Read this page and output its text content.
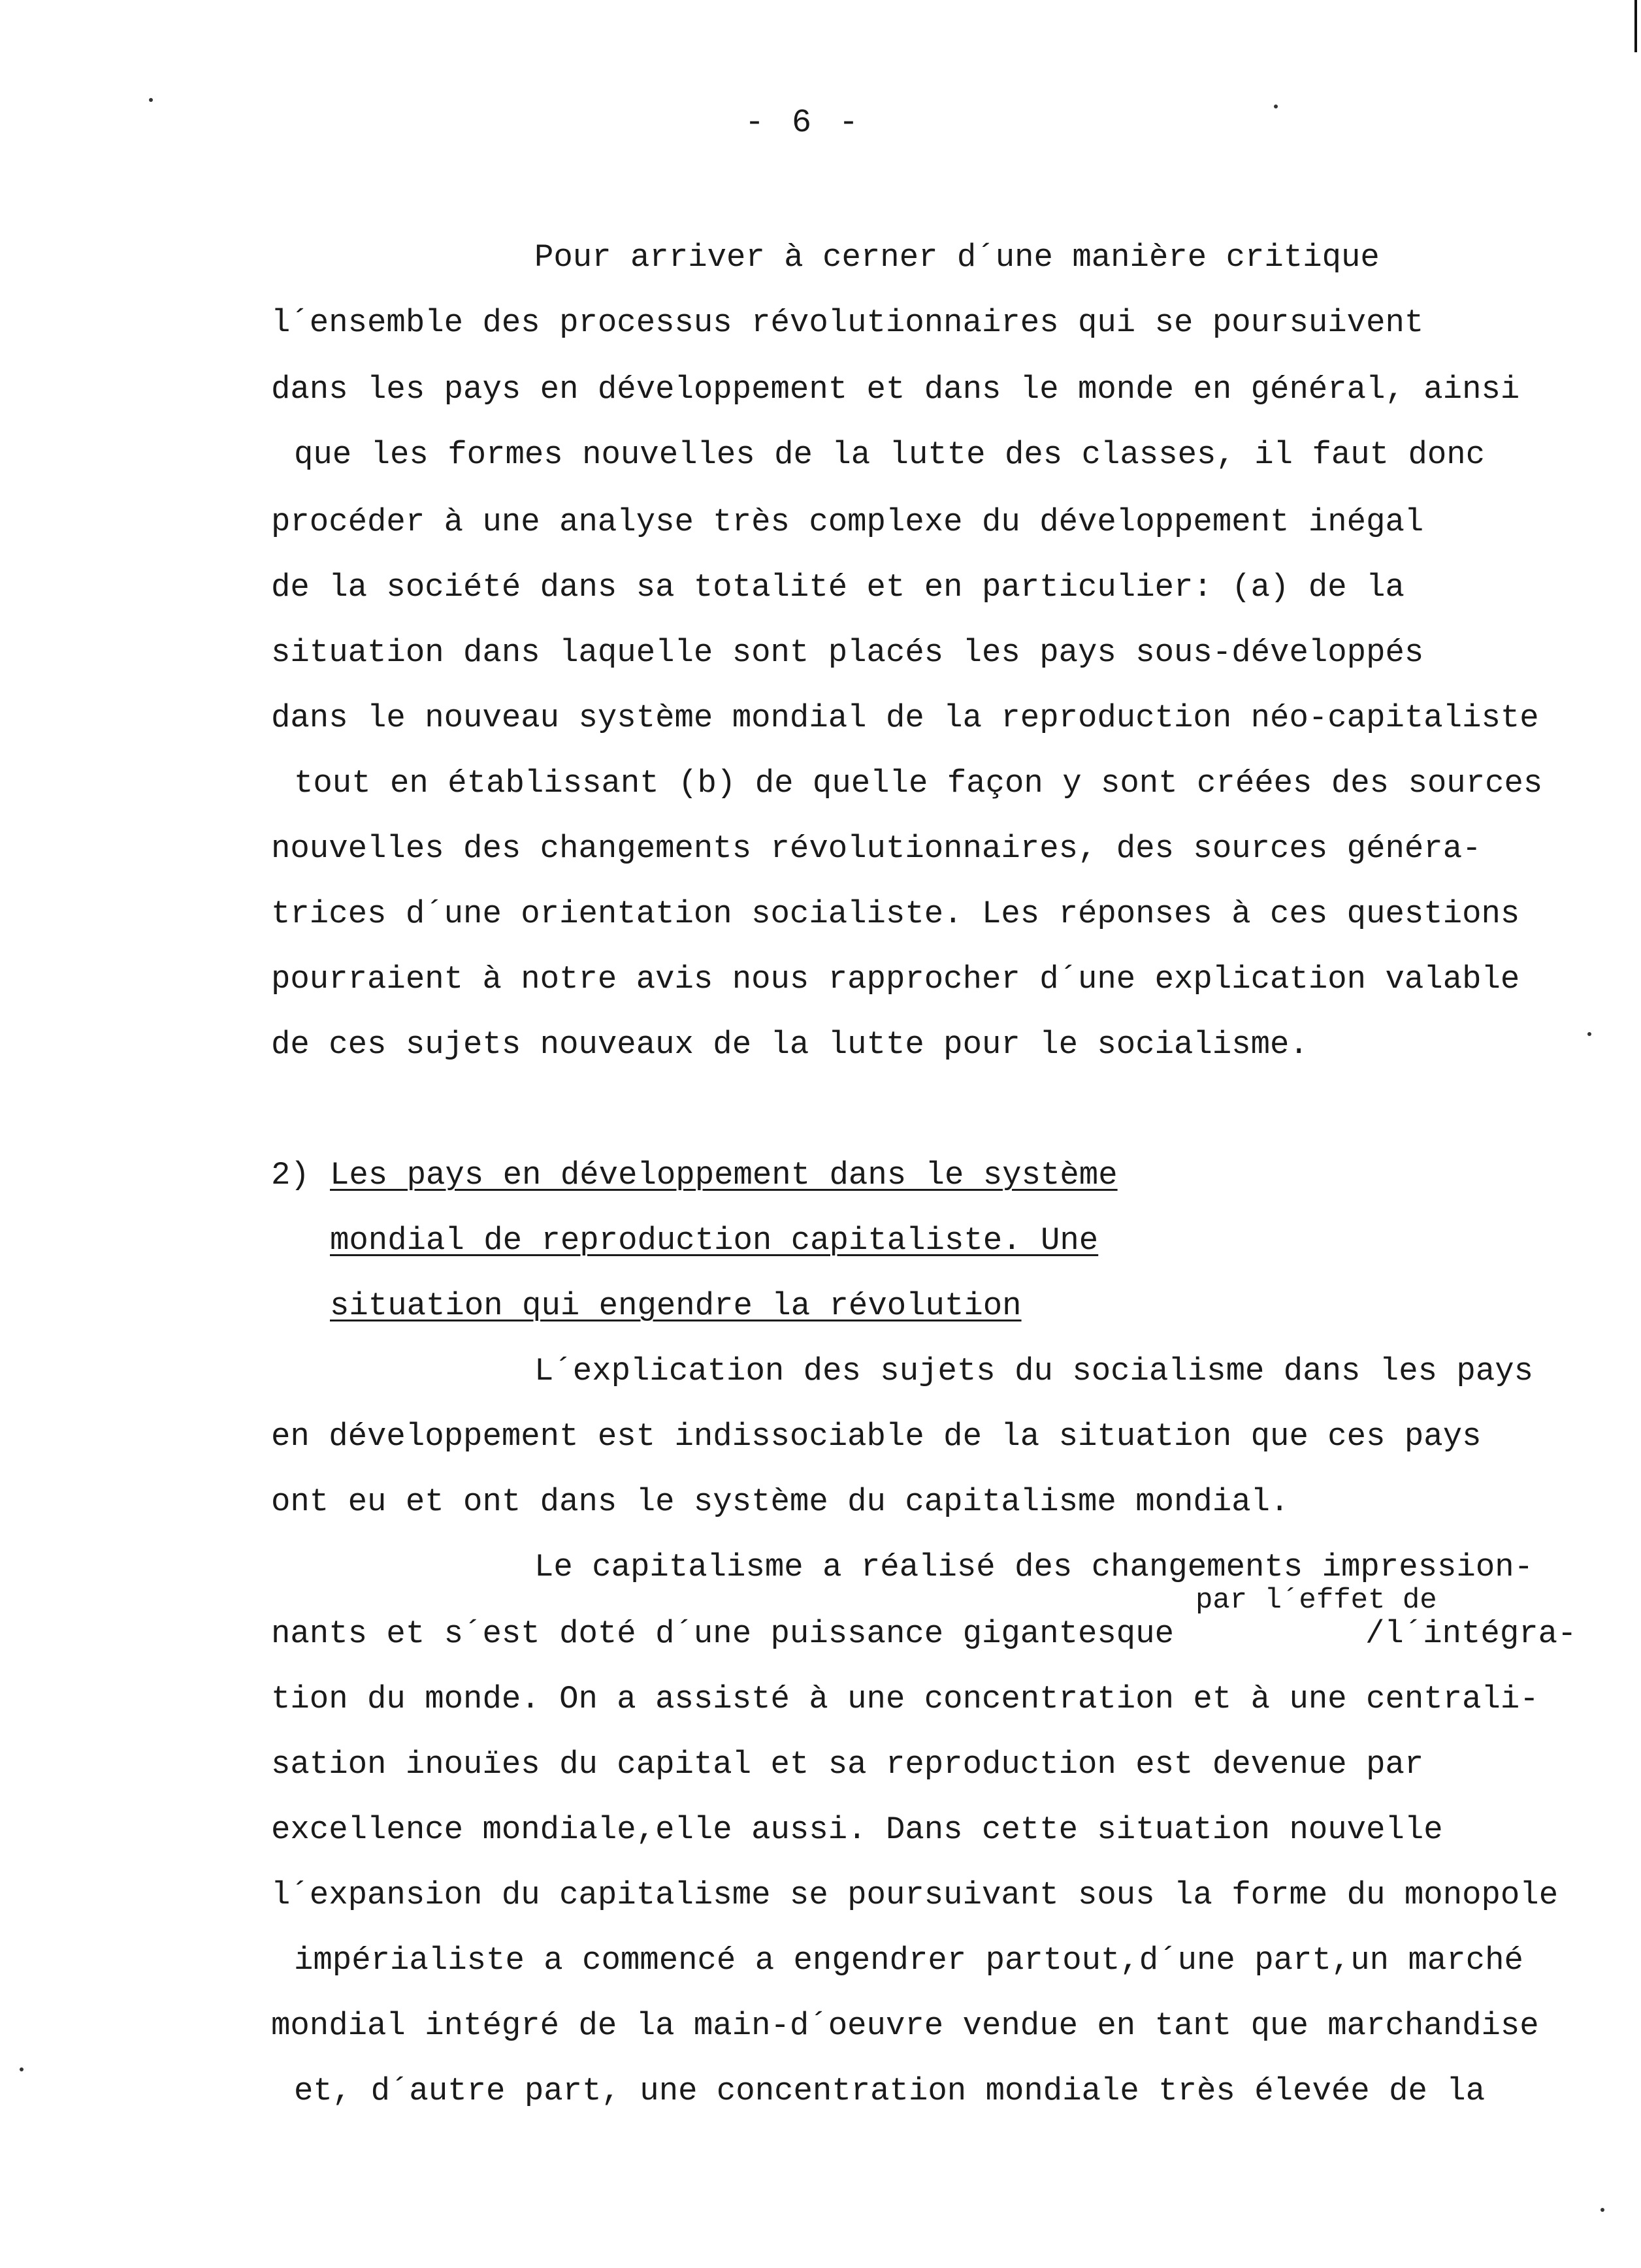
- 6 -
Pour arriver à cerner d´une manière critique
l´ensemble des processus révolutionnaires qui se poursuivent
dans les pays en développement et dans le monde en général, ainsi
que les formes nouvelles de la lutte des classes, il faut donc
procéder à une analyse très complexe du développement inégal
de la société dans sa totalité et en particulier: (a) de la
situation dans laquelle sont placés les pays sous-développés
dans le nouveau système mondial de la reproduction néo-capitaliste
tout en établissant (b) de quelle façon y sont créées des sources
nouvelles des changements révolutionnaires, des sources généra-
trices d´une orientation socialiste. Les réponses à ces questions
pourraient à notre avis nous rapprocher d´une explication valable
de ces sujets nouveaux de la lutte pour le socialisme.
2) Les pays en développement dans le système
mondial de reproduction capitaliste. Une
situation qui engendre la révolution
L´explication des sujets du socialisme dans les pays
en développement est indissociable de la situation que ces pays
ont eu et ont dans le système du capitalisme mondial.
Le capitalisme a réalisé des changements impression-
par l´effet de
nants et s´est doté d´une puissance gigantesque	/l´intégra-
tion du monde. On a assisté à une concentration et à une centrali-
sation inouïes du capital et sa reproduction est devenue par
excellence mondiale,elle aussi. Dans cette situation nouvelle
l´expansion du capitalisme se poursuivant sous la forme du monopole
impérialiste a commencé a engendrer partout,d´une part,un marché
mondial intégré de la main-d´oeuvre vendue en tant que marchandise
et, d´autre part, une concentration mondiale très élevée de la
